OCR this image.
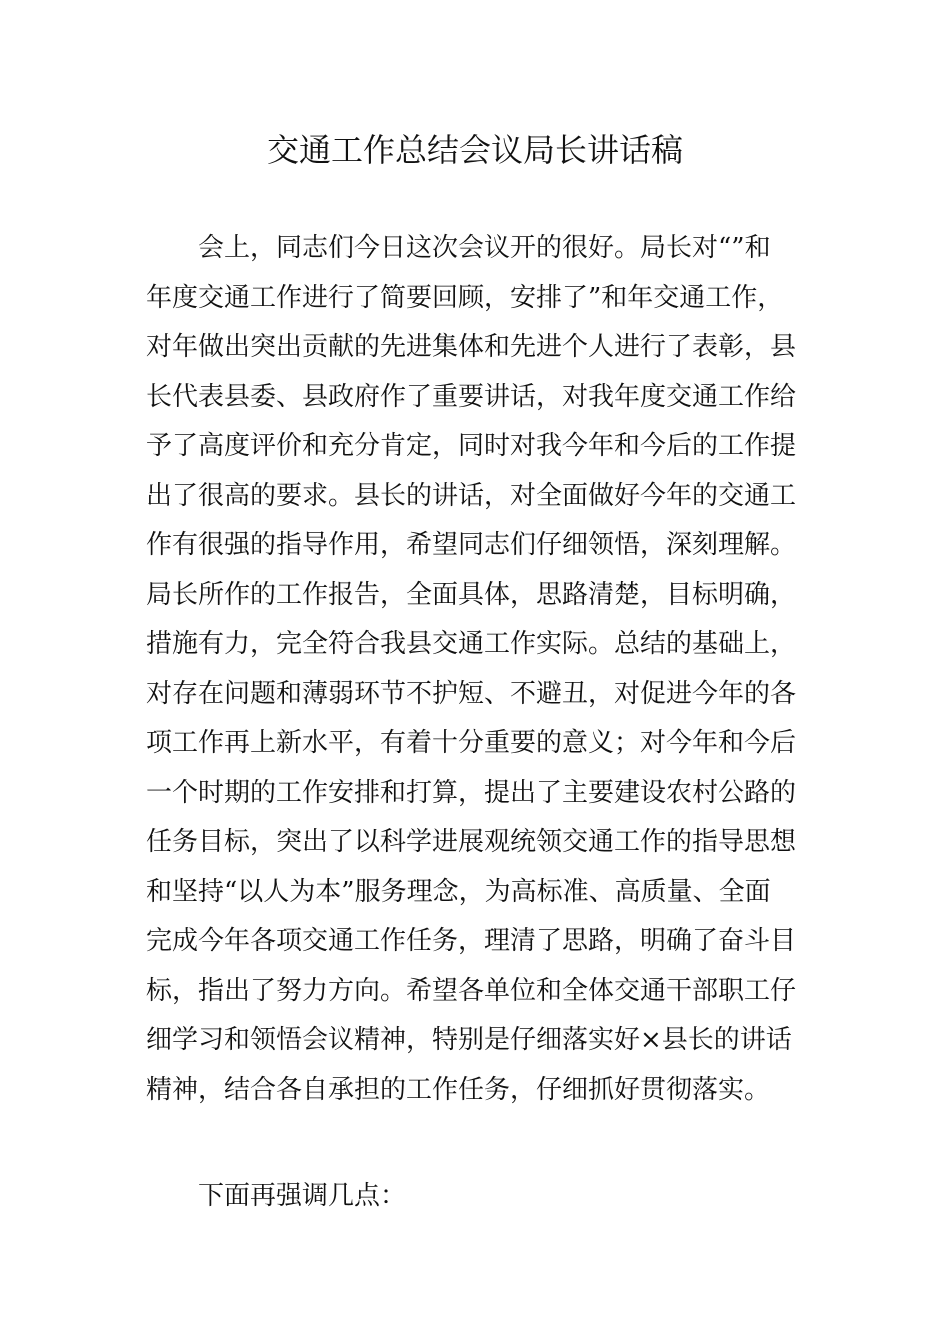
交通工作总结会议局长讲话稿
会上，同志们今日这次会议开的很好。局长对“”和
年度交通工作进行了简要回顾，安排了”和年交通工作，
对年做出突出贡献的先进集体和先进个人进行了表彰，县
长代表县委、县政府作了重要讲话，对我年度交通工作给
予了高度评价和充分肯定，同时对我今年和今后的工作提
出了很高的要求。县长的讲话，对全面做好今年的交通工
作有很强的指导作用，希望同志们仔细领悟，深刻理解。
局长所作的工作报告，全面具体，思路清楚，目标明确，
措施有力，完全符合我县交通工作实际。总结的基础上，
对存在问题和薄弱环节不护短、不避丑，对促进今年的各
项工作再上新水平，有着十分重要的意义；对今年和今后
一个时期的工作安排和打算，提出了主要建设农村公路的
任务目标，突出了以科学进展观统领交通工作的指导思想
和坚持“以人为本”服务理念，为高标准、高质量、全面
完成今年各项交通工作任务，理清了思路，明确了奋斗目
标，指出了努力方向。希望各单位和全体交通干部职工仔
细学习和领悟会议精神，特别是仔细落实好×县长的讲话
精神，结合各自承担的工作任务，仔细抓好贯彻落实。
下面再强调几点：
